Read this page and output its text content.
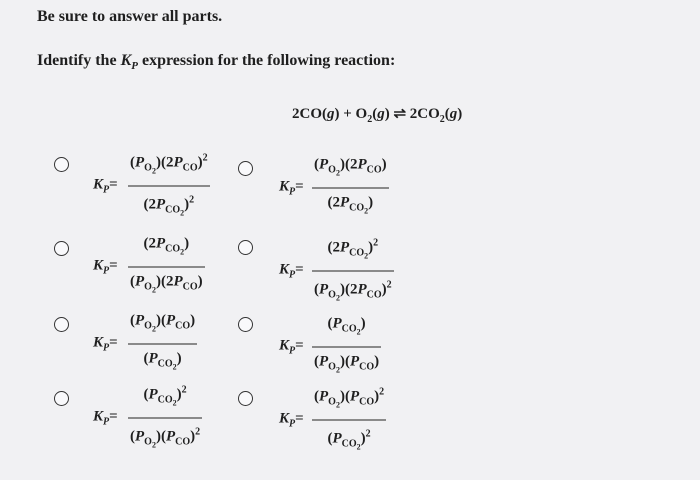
Be sure to answer all parts.
Identify the $K_P$ expression for the following reaction:
$2CO(g) + O_2(g)$ ⇌ $2CO_2(g)$
$K_P=$
$(P_{O_2})(2P_{CO})^2$
$(2P_{CO_2})^2$
$K_P=$
$(2P_{CO_2})$
$(P_{O_2})(2P_{CO})$
$K_P=$
$(P_{O_2})(P_{CO})$
$(P_{CO_2})$
$K_P=$
$(P_{CO_2})^2$
$(P_{O_2})(P_{CO})^2$
$K_P=$
$(P_{O_2})(2P_{CO})$
$(2P_{CO_2})$
$K_P=$
$(2P_{CO_2})^2$
$(P_{O_2})(2P_{CO})^2$
$K_P=$
$(P_{CO_2})$
$(P_{O_2})(P_{CO})$
$K_P=$
$(P_{O_2})(P_{CO})^2$
$(P_{CO_2})^2$
